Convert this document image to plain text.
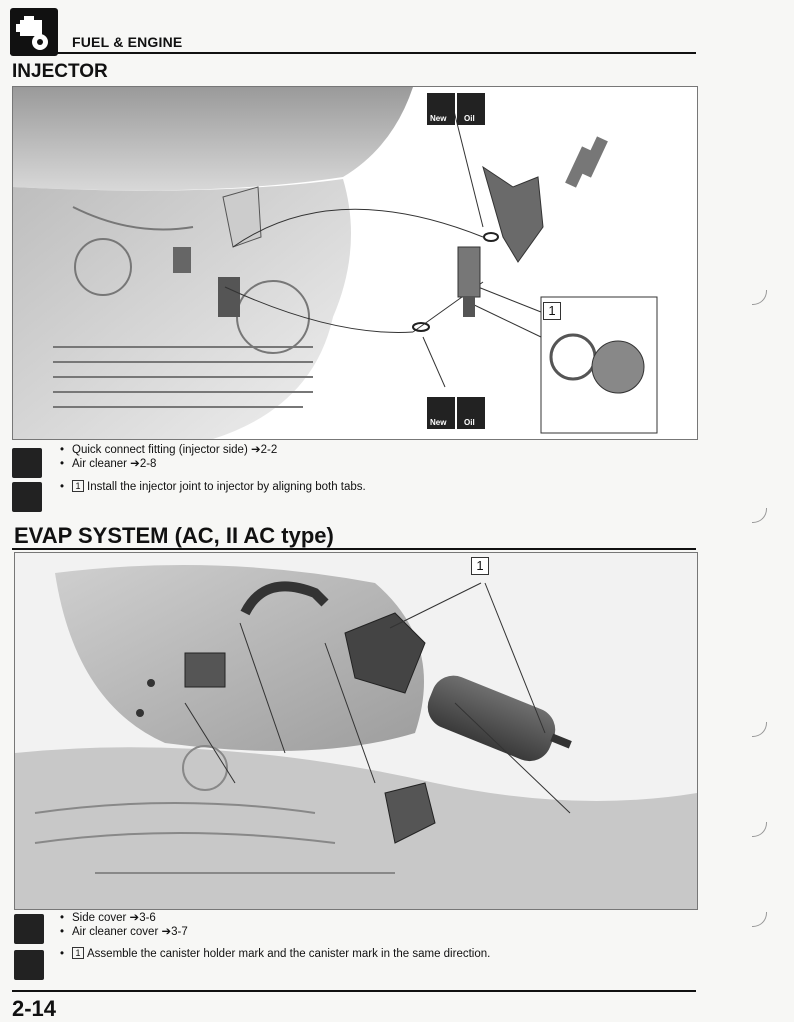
FUEL & ENGINE
INJECTOR
New Oil
New Oil
1
• Quick connect fitting (injector side) ➔2-2
• Air cleaner ➔2-8
• 1 Install the injector joint to injector by aligning both tabs.
EVAP SYSTEM (AC, II AC type)
1
• Side cover ➔3-6
• Air cleaner cover ➔3-7
• 1 Assemble the canister holder mark and the canister mark in the same direction.
2-14
